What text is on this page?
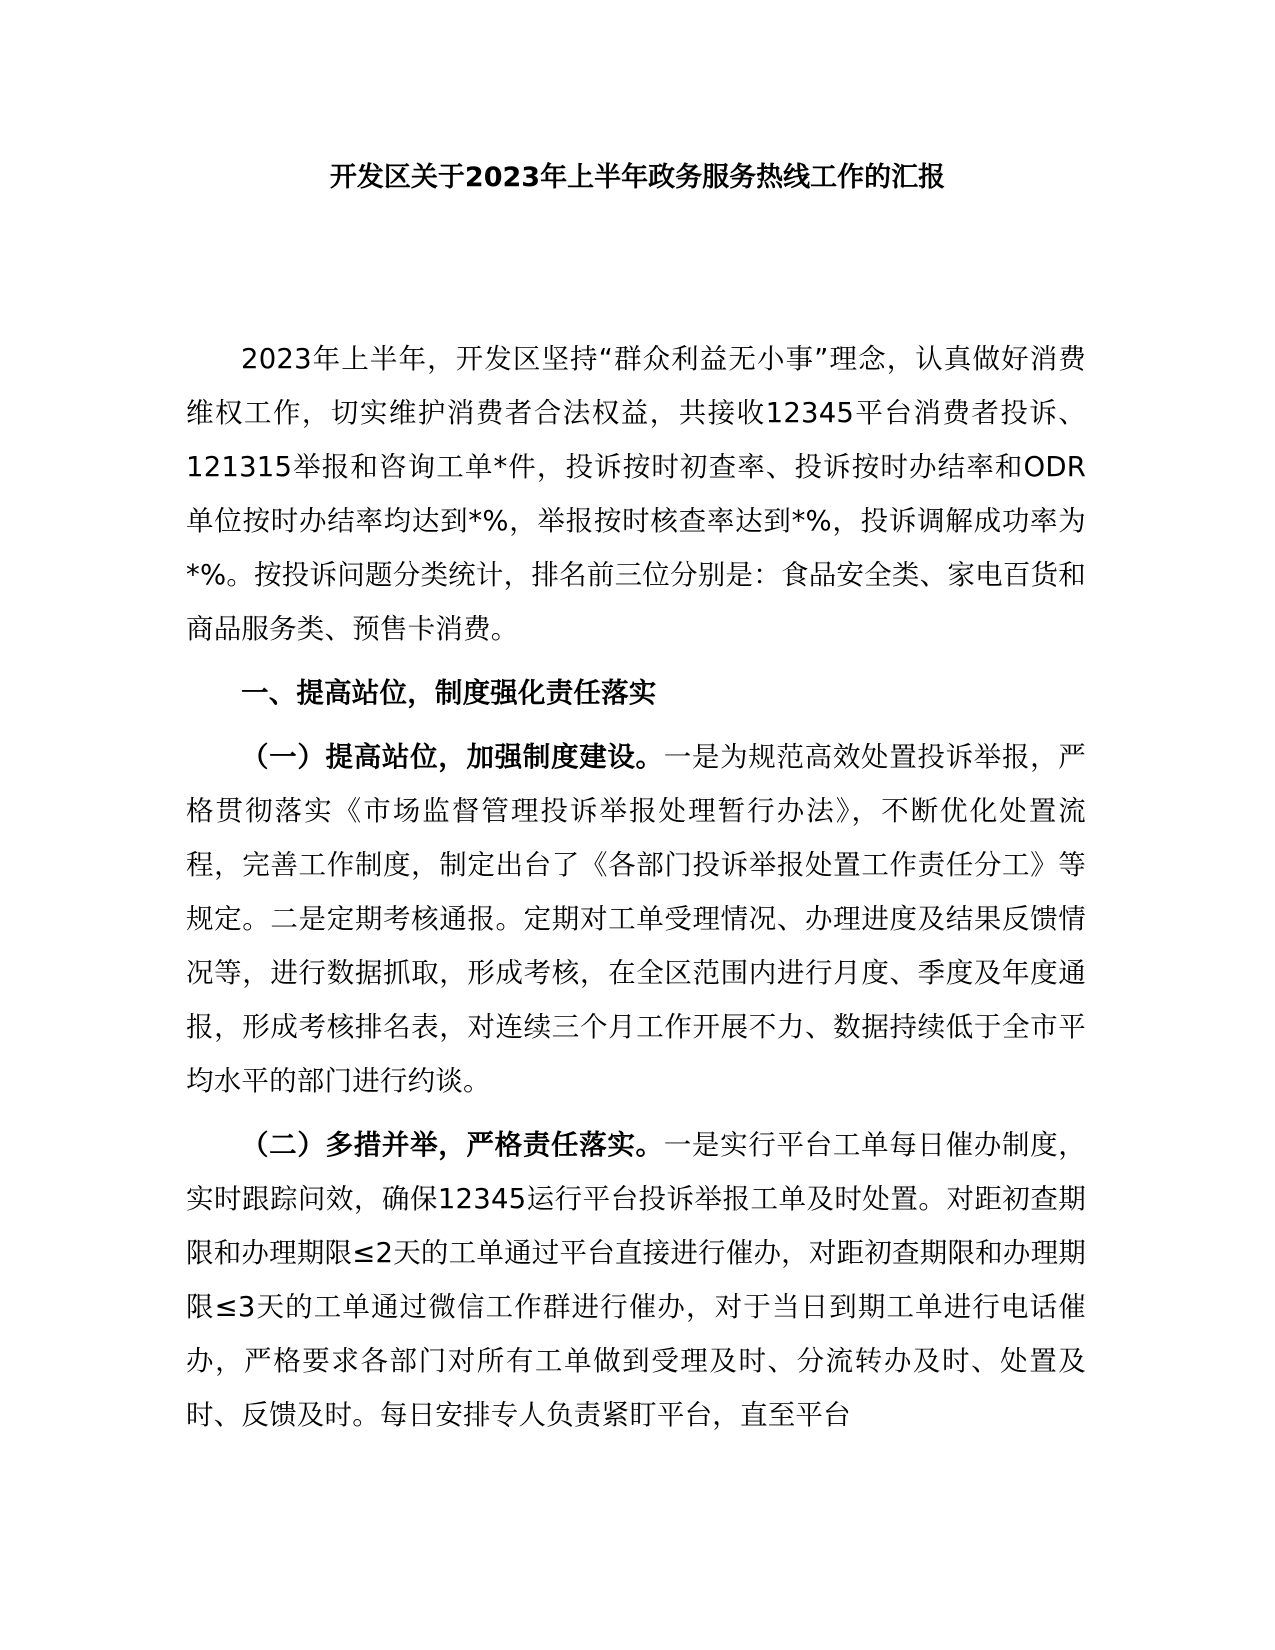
开发区关于2023年上半年政务服务热线工作的汇报

2023年上半年，开发区坚持“群众利益无小事”理念，认真做好消费维权工作，切实维护消费者合法权益，共接收12345平台消费者投诉、121315举报和咨询工单*件，投诉按时初查率、投诉按时办结率和ODR单位按时办结率均达到*%，举报按时核查率达到*%，投诉调解成功率为*%。按投诉问题分类统计，排名前三位分别是：食品安全类、家电百货和商品服务类、预售卡消费。

一、提高站位，制度强化责任落实

（一）提高站位，加强制度建设。一是为规范高效处置投诉举报，严格贯彻落实《市场监督管理投诉举报处理暂行办法》，不断优化处置流程，完善工作制度，制定出台了《各部门投诉举报处置工作责任分工》等规定。二是定期考核通报。定期对工单受理情况、办理进度及结果反馈情况等，进行数据抓取，形成考核，在全区范围内进行月度、季度及年度通报，形成考核排名表，对连续三个月工作开展不力、数据持续低于全市平均水平的部门进行约谈。

（二）多措并举，严格责任落实。一是实行平台工单每日催办制度，实时跟踪问效，确保12345运行平台投诉举报工单及时处置。对距初查期限和办理期限≤2天的工单通过平台直接进行催办，对距初查期限和办理期限≤3天的工单通过微信工作群进行催办，对于当日到期工单进行电话催办，严格要求各部门对所有工单做到受理及时、分流转办及时、处置及时、反馈及时。每日安排专人负责紧盯平台，直至平台
